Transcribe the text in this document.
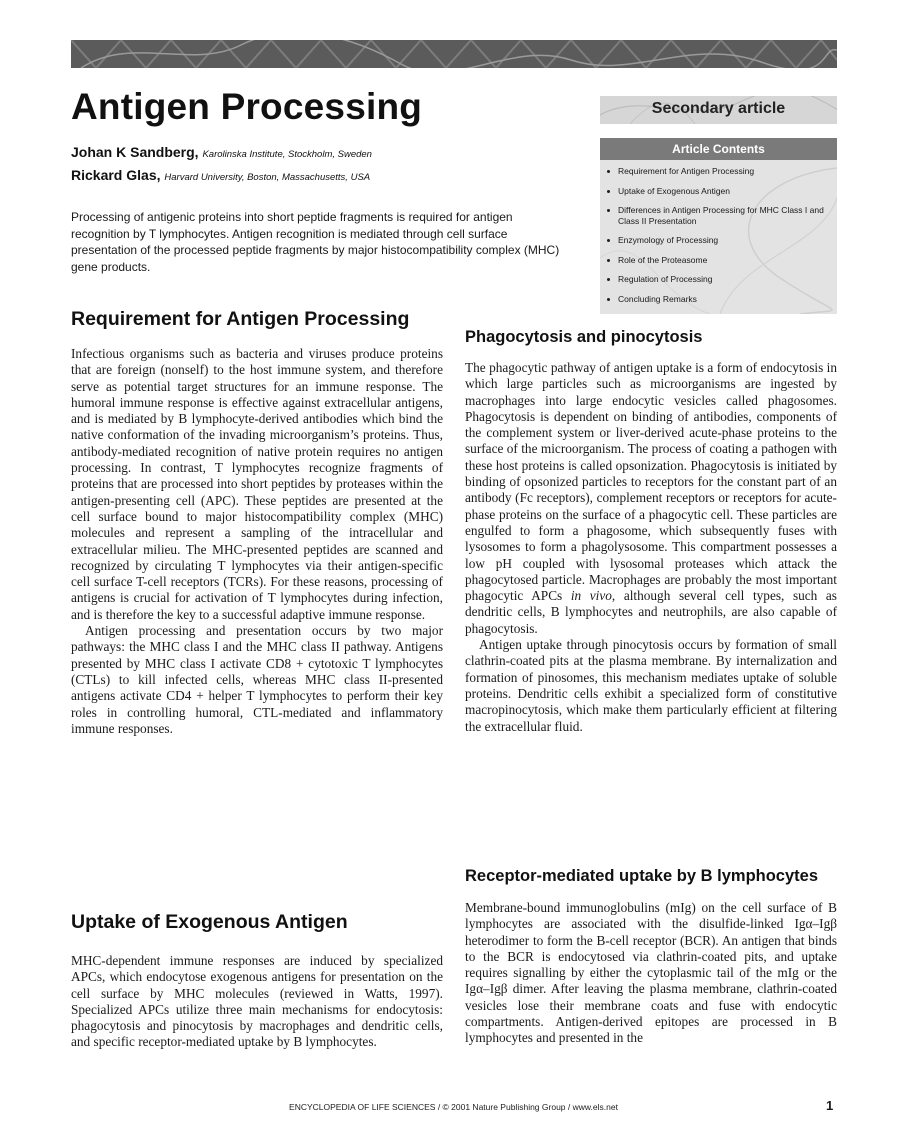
Antigen Processing
Johan K Sandberg, Karolinska Institute, Stockholm, Sweden
Rickard Glas, Harvard University, Boston, Massachusetts, USA

Processing of antigenic proteins into short peptide fragments is required for antigen recognition by T lymphocytes. Antigen recognition is mediated through cell surface presentation of the processed peptide fragments by major histocompatibility complex (MHC) gene products.

Secondary article
Article Contents
Requirement for Antigen Processing
Uptake of Exogenous Antigen
Differences in Antigen Processing for MHC Class I and Class II Presentation
Enzymology of Processing
Role of the Proteasome
Regulation of Processing
Concluding Remarks
Requirement for Antigen Processing

Infectious organisms such as bacteria and viruses produce proteins that are foreign (nonself) to the host immune system, and therefore serve as potential target structures for an immune response. The humoral immune response is effective against extracellular antigens, and is mediated by B lymphocyte-derived antibodies which bind the native conformation of the invading microorganism’s proteins. Thus, antibody-mediated recognition of native protein requires no antigen processing. In contrast, T lymphocytes recognize fragments of proteins that are processed into short peptides by proteases within the antigen-presenting cell (APC). These peptides are presented at the cell surface bound to major histocompatibility complex (MHC) molecules and represent a sampling of the intracellular and extracellular milieu. The MHC-presented peptides are scanned and recognized by circulating T lymphocytes via their antigen-specific cell surface T-cell receptors (TCRs). For these reasons, processing of antigens is crucial for activation of T lymphocytes during infection, and is therefore the key to a successful adaptive immune response.

Antigen processing and presentation occurs by two major pathways: the MHC class I and the MHC class II pathway. Antigens presented by MHC class I activate CD8 + cytotoxic T lymphocytes (CTLs) to kill infected cells, whereas MHC class II-presented antigens activate CD4 + helper T lymphocytes to perform their key roles in controlling humoral, CTL-mediated and inflammatory immune responses.

Uptake of Exogenous Antigen

MHC-dependent immune responses are induced by specialized APCs, which endocytose exogenous antigens for presentation on the cell surface by MHC molecules (reviewed in Watts, 1997). Specialized APCs utilize three main mechanisms for endocytosis: phagocytosis and pinocytosis by macrophages and dendritic cells, and specific receptor-mediated uptake by B lymphocytes.

Phagocytosis and pinocytosis

The phagocytic pathway of antigen uptake is a form of endocytosis in which large particles such as microorganisms are ingested by macrophages into large endocytic vesicles called phagosomes. Phagocytosis is dependent on binding of antibodies, components of the complement system or liver-derived acute-phase proteins to the surface of the microorganism. The process of coating a pathogen with these host proteins is called opsonization. Phagocytosis is initiated by binding of opsonized particles to receptors for the constant part of an antibody (Fc receptors), complement receptors or receptors for acute-phase proteins on the surface of a phagocytic cell. These particles are engulfed to form a phagosome, which subsequently fuses with lysosomes to form a phagolysosome. This compartment possesses a low pH coupled with lysosomal proteases which attack the phagocytosed particle. Macrophages are probably the most important phagocytic APCs in vivo, although several cell types, such as dendritic cells, B lymphocytes and neutrophils, are also capable of phagocytosis.

Antigen uptake through pinocytosis occurs by formation of small clathrin-coated pits at the plasma membrane. By internalization and formation of pinosomes, this mechanism mediates uptake of soluble proteins. Dendritic cells exhibit a specialized form of constitutive macropinocytosis, which make them particularly efficient at filtering the extracellular fluid.

Receptor-mediated uptake by B lymphocytes

Membrane-bound immunoglobulins (mIg) on the cell surface of B lymphocytes are associated with the disulfide-linked Igα–Igβ heterodimer to form the B-cell receptor (BCR). An antigen that binds to the BCR is endocytosed via clathrin-coated pits, and uptake requires signalling by either the cytoplasmic tail of the mIg or the Igα–Igβ dimer. After leaving the plasma membrane, clathrin-coated vesicles lose their membrane coats and fuse with endocytic compartments. Antigen-derived epitopes are processed in B lymphocytes and presented in the

ENCYCLOPEDIA OF LIFE SCIENCES / © 2001 Nature Publishing Group / www.els.net	1
